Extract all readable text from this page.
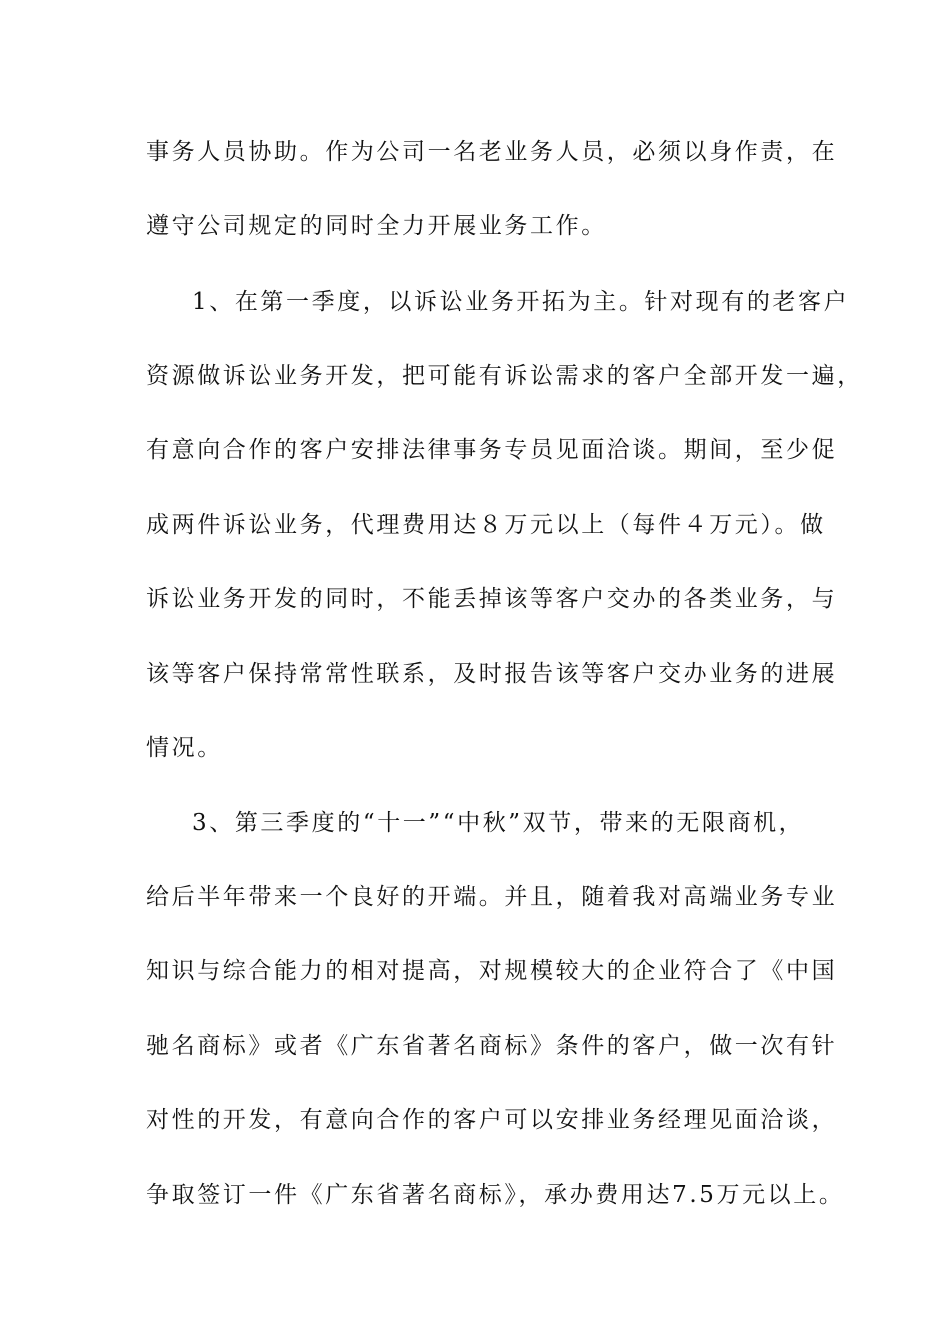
事务人员协助。作为公司一名老业务人员，必须以身作责，在
遵守公司规定的同时全力开展业务工作。
1、在第一季度，以诉讼业务开拓为主。针对现有的老客户
资源做诉讼业务开发，把可能有诉讼需求的客户全部开发一遍，
有意向合作的客户安排法律事务专员见面洽谈。期间，至少促
成两件诉讼业务，代理费用达８万元以上（每件４万元）。做
诉讼业务开发的同时，不能丢掉该等客户交办的各类业务，与
该等客户保持常常性联系，及时报告该等客户交办业务的进展
情况。
3、第三季度的“十一”“中秋”双节，带来的无限商机，
给后半年带来一个良好的开端。并且，随着我对高端业务专业
知识与综合能力的相对提高，对规模较大的企业符合了《中国
驰名商标》或者《广东省著名商标》条件的客户，做一次有针
对性的开发，有意向合作的客户可以安排业务经理见面洽谈，
争取签订一件《广东省著名商标》，承办费用达7.5万元以上。
